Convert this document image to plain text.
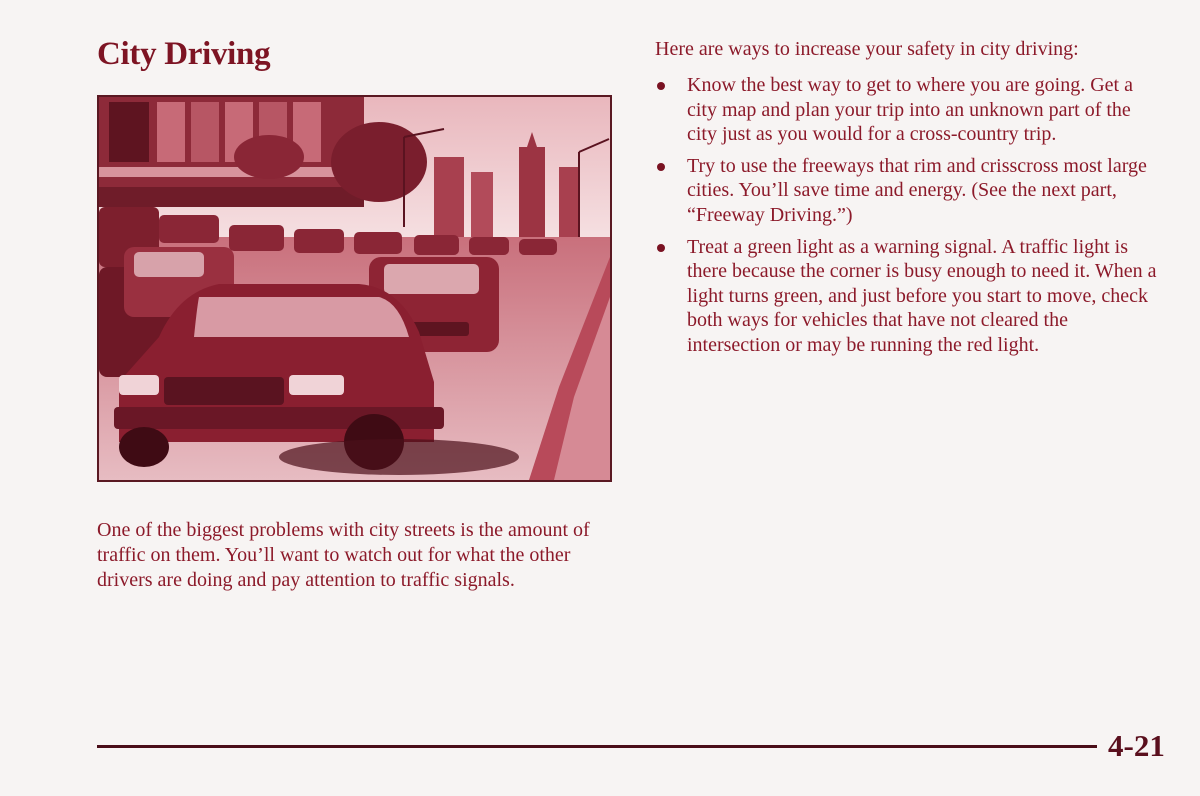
City Driving
One of the biggest problems with city streets is the amount of traffic on them. You’ll want to watch out for what the other drivers are doing and pay attention to traffic signals.
Here are ways to increase your safety in city driving:
Know the best way to get to where you are going. Get a city map and plan your trip into an unknown part of the city just as you would for a cross-country trip.
Try to use the freeways that rim and crisscross most large cities. You’ll save time and energy. (See the next part, “Freeway Driving.”)
Treat a green light as a warning signal. A traffic light is there because the corner is busy enough to need it. When a light turns green, and just before you start to move, check both ways for vehicles that have not cleared the intersection or may be running the red light.
4-21
